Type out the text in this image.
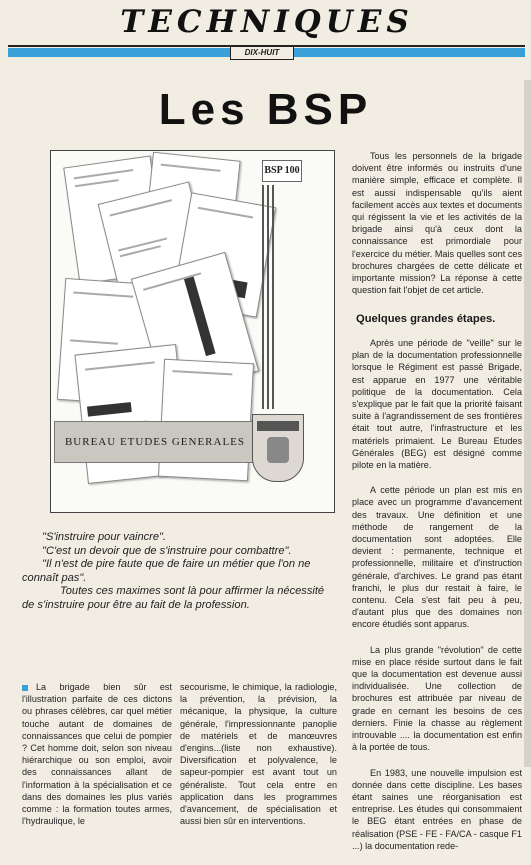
TECHNIQUES
DIX-HUIT
Les BSP
BSP 100
BUREAU ETUDES GENERALES

"S'instruire pour vaincre".

"C'est un devoir que de s'instruire pour combattre".

"Il n'est de pire faute que de faire un métier que l'on ne connaît pas".

Toutes ces maximes sont là pour affirmer la nécessité de s'instruire pour être au fait de la profession.

Tous les personnels de la brigade doivent être informés ou instruits d'une manière simple, efficace et complète. Il est aussi indispensable qu'ils aient facilement accès aux textes et documents qui régissent la vie et les activités de la brigade ainsi qu'à ceux dont la connaissance est primordiale pour l'exercice du métier. Mais quelles sont ces brochures chargées de cette délicate et importante mission? La réponse à cette question fait l'objet de cet article.

Quelques grandes étapes.

Après une période de "veille" sur le plan de la documentation professionnelle lorsque le Régiment est passé Brigade, est apparue en 1977 une véritable politique de la documentation. Cela s'explique par le fait que la priorité faisant suite à l'agrandissement de ses frontières était tout autre, l'infrastructure et les matériels primaient. Le Bureau Etudes Générales (BEG) est désigné comme pilote en la matière.

A cette période un plan est mis en place avec un programme d'avancement des travaux. Une définition et une méthode de rangement de la documentation sont adoptées. Elle devient : permanente, technique et professionnelle, militaire et d'instruction générale, d'archives. Le grand pas étant franchi, le plus dur restait à faire, le contenu. Cela s'est fait peu à peu, d'autant plus que des domaines non encore étudiés sont apparus.

La plus grande "révolution" de cette mise en place réside surtout dans le fait que la documentation est devenue aussi individualisée. Une collection de brochures est attribuée par niveau de grade en cernant les besoins de ces derniers. Finie la chasse au règlement introuvable .... la documentation est enfin à la portée de tous.

En 1983, une nouvelle impulsion est donnée dans cette discipline. Les bases étant saines une réorganisation est entreprise. Les études qui consommaient le BEG étant entrées en phase de réalisation (PSE - FE - FA/CA - casque F1 ...) la documentation rede-

La brigade bien sûr est l'illustration parfaite de ces dictons ou phrases célèbres, car quel métier touche autant de domaines de connaissances que celui de pompier ? Cet homme doit, selon son niveau hiérarchique ou son emploi, avoir des connaissances allant de l'information à la spécialisation et ce dans des domaines les plus variés comme : la formation toutes armes, l'hydraulique, le

secourisme, le chimique, la radiologie, la prévention, la prévision, la mécanique, la physique, la culture générale, l'impressionnante panoplie de matériels et de manœuvres d'engins...(liste non exhaustive). Diversification et polyvalence, le sapeur-pompier est avant tout un généraliste. Tout cela entre en application dans les programmes d'avancement, de spécialisation et aussi bien sûr en interventions.
